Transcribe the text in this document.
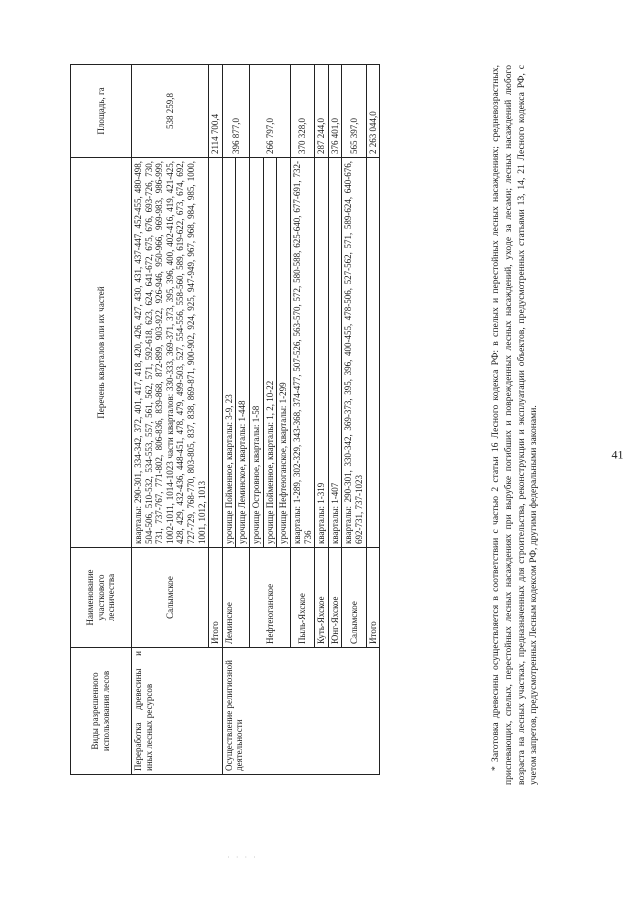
41
· · · ·
Виды разрешенного использования лесов	Наименование участкового лесничества	Перечень кварталов или их частей	Площадь, га
Переработка древесины и иных лесных ресурсов	Салымское	кварталы: 290-301, 334-342, 372, 401, 417, 418, 420, 426, 427, 430, 431, 437-447, 452-455, 480-498, 504-506, 510-532, 534-553, 557, 561, 562, 571, 592-618, 623, 624, 641-672, 675, 676, 693-726, 730, 731, 737-767, 771-802, 806-836, 839-868, 872-899, 903-922, 926-946, 950-966, 969-983, 986-999, 1002-1011, 1014-1023 части кварталов: 330-333, 369-371, 373, 395, 396, 400, 402-416, 419, 421-425, 428, 429, 432-436, 448-451, 478, 479, 499-503, 527, 554-556, 558-560, 589, 619-622, 673, 674, 692, 727-729, 768-770, 803-805, 837, 838, 869-871, 900-902, 924, 925, 947-949, 967, 968, 984, 985, 1000, 1001, 1012, 1013	538 259,8
	Итого		2114 700,4
Осуществление религиозной деятельности	Леминское	урочище Пойменное, кварталы: 3-9, 23	396 877,0
		урочище Леминское, кварталы: 1-448	
	Нефтеюганское	урочище Островное, кварталы: 1-58	266 797,0
		урочище Пойменное, кварталы: 1, 2, 10-22	
		урочище Нефтеюганское, кварталы: 1-299	
	Пыль-Яхское	кварталы: 1-289, 302-329, 343-368, 374-477, 507-526, 563-570, 572, 580-588, 625-640, 677-691, 732-736	370 328,0
	Куть-Яхское	кварталы: 1-319	287 244,0
	Юнг-Яхское	кварталы: 1-407	376 401,0
	Салымское	кварталы: 290-301, 330-342, 369-373, 395, 396, 400-455, 478-506, 527-562, 571, 589-624, 640-676, 692-731, 737-1023	565 397,0
	Итого		2 263 044,0	* Заготовка древесины осуществляется в соответствии с частью 2 статьи 16 Лесного кодекса РФ: в спелых и перестойных лесных насаждениях; средневозрастных, приспевающих, спелых, перестойных лесных насаждениях при вырубке погибших и поврежденных лесных насаждений, уходе за лесами; лесных насаждений любого возраста на лесных участках, предназначенных для строительства, реконструкции и эксплуатации объектов, предусмотренных статьями 13, 14, 21 Лесного кодекса РФ, с учетом запретов, предусмотренных Лесным кодексом РФ, другими федеральными законами.
